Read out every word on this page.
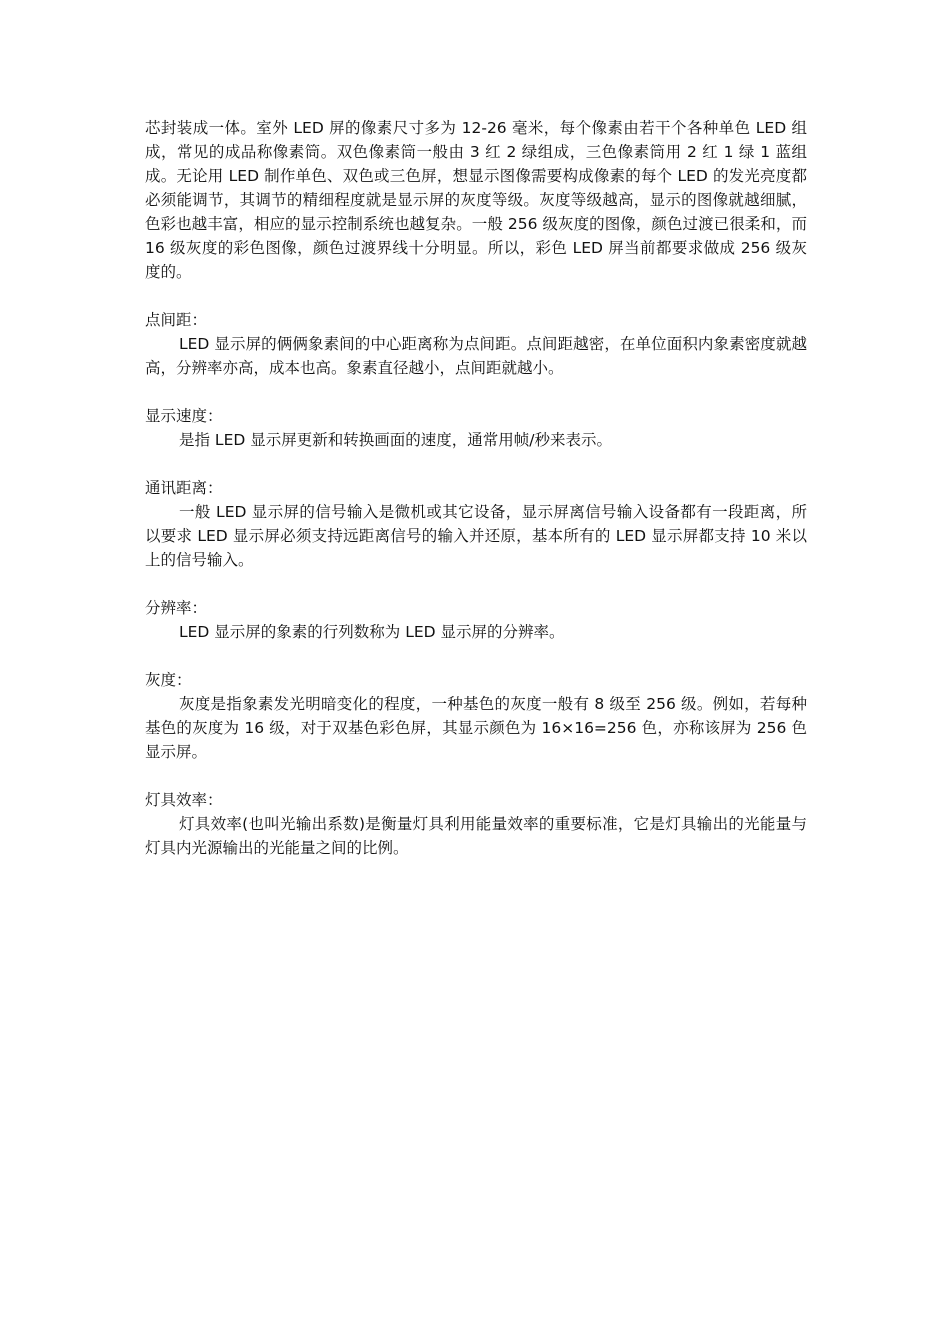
芯封装成一体。室外 LED 屏的像素尺寸多为 12-26 毫米，每个像素由若干个各种单色 LED 组成，常见的成品称像素筒。双色像素筒一般由 3 红 2 绿组成，三色像素筒用 2 红 1 绿 1 蓝组成。无论用 LED 制作单色、双色或三色屏，想显示图像需要构成像素的每个 LED 的发光亮度都必须能调节，其调节的精细程度就是显示屏的灰度等级。灰度等级越高，显示的图像就越细腻，色彩也越丰富，相应的显示控制系统也越复杂。一般 256 级灰度的图像，颜色过渡已很柔和，而 16 级灰度的彩色图像，颜色过渡界线十分明显。所以，彩色 LED 屏当前都要求做成 256 级灰度的。

点间距：

LED 显示屏的俩俩象素间的中心距离称为点间距。点间距越密，在单位面积内象素密度就越高，分辨率亦高，成本也高。象素直径越小，点间距就越小。

显示速度：

是指 LED 显示屏更新和转换画面的速度，通常用帧/秒来表示。

通讯距离：

一般 LED 显示屏的信号输入是微机或其它设备，显示屏离信号输入设备都有一段距离，所以要求 LED 显示屏必须支持远距离信号的输入并还原，基本所有的 LED 显示屏都支持 10 米以上的信号输入。

分辨率：

LED 显示屏的象素的行列数称为 LED 显示屏的分辨率。

灰度：

灰度是指象素发光明暗变化的程度，一种基色的灰度一般有 8 级至 256 级。例如，若每种基色的灰度为 16 级，对于双基色彩色屏，其显示颜色为 16×16=256 色，亦称该屏为 256 色显示屏。

灯具效率：

灯具效率(也叫光输出系数)是衡量灯具利用能量效率的重要标准，它是灯具输出的光能量与灯具内光源输出的光能量之间的比例。
